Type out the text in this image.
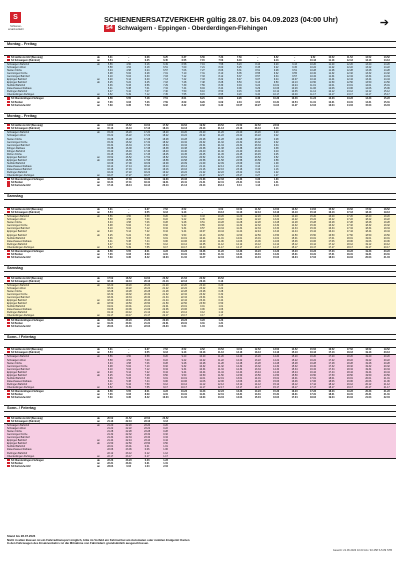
S
Schienen- ersatzverkehr
SCHIENENERSATZVERKEHR gültig 28.07. bis 04.09.2023 (04:00 Uhr)
S4 Schwaigern - Eppingen - Oberderdingen-Flehingen	➔
Montag - Freitag
S4 Heilbronn Hbf (Bussteig)	ab	5.31	–	6.08	6.25	6.37	6.56	7.33	7.59	–	8.52	–	9.52	10.52	11.52	12.52	13.52
S4 Schwaigern (Bahnhof)	an	5.54	–	6.25	6.45	6.55	7.15	7.53	8.18	–	9.13	–	10.13	11.13	12.13	13.13	14.13
Schwaigern Bahnhof	ab	5.56	4.50	6.16	6.49	6.58	7.19	7.58	8.23	8.43	9.20	9.43	10.20	11.20	12.20	13.20	14.20
Schwaigern West	5.58	4.52	6.18	6.51	7.00	7.21	8.00	8.25	8.45	9.22	9.45	10.22	11.22	12.22	13.22	14.22
Stetten Kirche	6.04	4.58	6.24	6.57	7.06	7.27	8.06	8.31	8.51	9.28	9.51	10.28	11.28	12.28	13.28	14.28
Gemmingen Kirche	6.08	5.02	6.28	7.01	7.10	7.31	8.10	8.35	8.55	9.32	9.55	10.32	11.32	12.32	13.32	14.32
Gemmingen Bahnhof	6.10	5.04	6.30	7.03	7.12	7.33	8.12	8.37	8.57	9.34	9.57	10.34	11.34	12.34	13.34	14.34
Eppingen Bahnhof	an	6.20	5.14	6.40	7.13	7.22	7.43	8.22	8.47	9.07	9.44	10.07	10.44	11.44	12.44	13.44	14.44
Eppingen Bahnhof	ab	6.25	5.22	6.45	7.18	7.28	7.48	8.28	8.53	9.13	9.50	10.13	10.50	11.50	12.50	13.50	14.50
Sulzfeld Bahnhof	6.36	5.33	6.56	7.29	7.39	7.59	8.39	9.04	9.24	10.01	10.24	11.01	12.01	13.01	14.01	15.01
Zaisenhausen Rathaus	6.41	5.38	7.01	7.34	7.44	8.04	8.44	9.09	9.29	10.06	10.29	11.06	12.06	13.06	14.06	15.06
Flehingen Bahnhof	6.47	5.44	7.07	7.40	7.50	8.10	8.50	9.15	9.35	10.12	10.35	11.12	12.12	13.12	14.12	15.12
Oberderdingen-Flehingen	an	6.52	5.49	7.12	7.45	7.55	8.15	8.55	9.20	9.40	10.17	10.40	11.17	12.17	13.17	14.17	15.17
S4 Oberderdingen-Flehingen	ab	6.58	5.55	7.18	7.51	8.01	8.21	9.01	9.26	9.46	10.23	10.46	11.23	12.23	13.23	14.23	15.23
S4 Bretten	an	7.06	6.03	7.26	7.59	8.09	8.29	9.09	9.34	9.54	10.31	10.54	11.31	12.31	13.31	14.31	15.31
S4 Karlsruhe Hbf	an	7.39	6.36	7.59	8.32	8.42	9.02	9.42	10.07	10.27	11.04	11.27	12.04	13.04	14.04	15.04	16.04
Montag - Freitag
S4 Heilbronn Hbf (Bussteig)	ab	14.52	15.52	16.52	17.52	18.52	19.52	20.52	21.52	22.52	23.52
S4 Schwaigern (Bahnhof)	an	15.13	16.13	17.13	18.13	19.13	20.13	21.13	22.13	23.13	0.13
Schwaigern Bahnhof	ab	15.20	16.20	17.20	18.20	19.20	20.20	21.20	22.20	23.20	0.20
Schwaigern West	15.22	16.22	17.22	18.22	19.22	20.22	21.22	22.22	23.22	0.22
Stetten Kirche	15.28	16.28	17.28	18.28	19.28	20.28	21.28	22.28	23.28	0.28
Gemmingen Kirche	15.32	16.32	17.32	18.32	19.32	20.32	21.32	22.32	23.32	0.32
Gemmingen Bahnhof	15.34	16.34	17.34	18.34	19.34	20.34	21.34	22.34	23.34	0.34
Ittlingen Rathaus	15.38	16.38	17.38	18.38	19.38	20.38	21.38	22.38	23.38	0.38
Ittlingen Bahnhof	15.40	16.40	17.40	18.40	19.40	20.40	21.40	22.40	23.40	0.40
Richen Kirche	15.45	16.45	17.45	18.45	19.45	20.45	21.45	22.45	23.45	0.45
Eppingen Bahnhof	an	15.52	16.52	17.52	18.52	19.52	20.52	21.52	22.52	23.52	0.52
Eppingen Bahnhof	ab	15.58	16.58	17.58	18.58	19.58	20.58	21.58	22.58	23.58	0.58
Sulzfeld Bahnhof	16.09	17.09	18.09	19.09	20.09	21.09	22.09	23.09	0.09	1.09
Zaisenhausen Rathaus	16.14	17.14	18.14	19.14	20.14	21.14	22.14	23.14	0.14	1.14
Zaisenhausen Bahnhof	16.16	17.16	18.16	19.16	20.16	21.16	22.16	23.16	0.16	1.16
Flehingen Bahnhof	16.22	17.22	18.22	19.22	20.22	21.22	22.22	23.22	0.22	1.22
Oberderdingen-Flehingen	an	16.27	17.27	18.27	19.27	20.27	21.27	22.27	23.27	0.27	1.27
S4 Oberderdingen-Flehingen	ab	16.33	17.33	18.33	19.33	20.33	21.33	22.33	23.33	0.33	1.33
S4 Bretten	an	16.41	17.41	18.41	19.41	20.41	21.41	22.41	23.41	0.41	1.41
S4 Karlsruhe Hbf	an	17.14	18.14	19.14	20.14	21.14	22.14	23.14	0.14	1.14	2.14
Samstag
S4 Heilbronn Hbf (Bussteig)	ab	5.31	–	6.37	7.52	8.52	–	9.52	10.52	11.52	12.52	13.52	14.52	15.52	16.52	17.52	18.52
S4 Schwaigern (Bahnhof)	an	5.54	–	6.55	8.13	9.13	–	10.13	11.13	12.13	13.13	14.13	15.13	16.13	17.13	18.13	19.13
Schwaigern Bahnhof	ab	5.56	4.50	6.58	8.20	9.20	9.43	10.20	11.20	12.20	13.20	14.20	15.20	16.20	17.20	18.20	19.20
Schwaigern West	5.58	4.52	7.00	8.22	9.22	9.45	10.22	11.22	12.22	13.22	14.22	15.22	16.22	17.22	18.22	19.22
Stetten Kirche	6.04	4.58	7.06	8.28	9.28	9.51	10.28	11.28	12.28	13.28	14.28	15.28	16.28	17.28	18.28	19.28
Gemmingen Kirche	6.08	5.02	7.10	8.32	9.32	9.55	10.32	11.32	12.32	13.32	14.32	15.32	16.32	17.32	18.32	19.32
Gemmingen Bahnhof	6.10	5.04	7.12	8.34	9.34	9.57	10.34	11.34	12.34	13.34	14.34	15.34	16.34	17.34	18.34	19.34
Eppingen Bahnhof	an	6.20	5.14	7.22	8.44	9.44	10.07	10.44	11.44	12.44	13.44	14.44	15.44	16.44	17.44	18.44	19.44
Eppingen Bahnhof	ab	6.25	5.22	7.28	8.50	9.50	10.13	10.50	11.50	12.50	13.50	14.50	15.50	16.50	17.50	18.50	19.50
Sulzfeld Bahnhof	6.36	5.33	7.39	9.01	10.01	10.24	11.01	12.01	13.01	14.01	15.01	16.01	17.01	18.01	19.01	20.01
Zaisenhausen Rathaus	6.41	5.38	7.44	9.06	10.06	10.29	11.06	12.06	13.06	14.06	15.06	16.06	17.06	18.06	19.06	20.06
Flehingen Bahnhof	6.47	5.44	7.50	9.12	10.12	10.35	11.12	12.12	13.12	14.12	15.12	16.12	17.12	18.12	19.12	20.12
Oberderdingen-Flehingen	an	6.52	5.49	7.55	9.17	10.17	10.40	11.17	12.17	13.17	14.17	15.17	16.17	17.17	18.17	19.17	20.17
S4 Oberderdingen-Flehingen	ab	6.58	5.55	8.01	9.23	10.23	10.46	11.23	12.23	13.23	14.23	15.23	16.23	17.23	18.23	19.23	20.23
S4 Bretten	an	7.06	6.03	8.09	9.31	10.31	10.54	11.31	12.31	13.31	14.31	15.31	16.31	17.31	18.31	19.31	20.31
S4 Karlsruhe Hbf	an	7.39	6.36	8.42	10.04	11.04	11.27	12.04	13.04	14.04	15.04	16.04	17.04	18.04	19.04	20.04	21.04
Samstag
S4 Heilbronn Hbf (Bussteig)	ab	17.52	18.52	19.52	20.52	21.52	22.52	23.52
S4 Schwaigern (Bahnhof)	an	18.13	19.13	20.13	21.13	22.13	23.13	0.13
Schwaigern Bahnhof	ab	18.20	19.20	20.20	21.20	22.20	23.20	0.20
Schwaigern West	18.22	19.22	20.22	21.22	22.22	23.22	0.22
Stetten Kirche	18.28	19.28	20.28	21.28	22.28	23.28	0.28
Gemmingen Kirche	18.32	19.32	20.32	21.32	22.32	23.32	0.32
Gemmingen Bahnhof	18.34	19.34	20.34	21.34	22.34	23.34	0.34
Eppingen Bahnhof	an	18.44	19.44	20.44	21.44	22.44	23.44	0.44
Eppingen Bahnhof	ab	18.50	19.50	20.50	21.50	22.50	23.50	0.50
Sulzfeld Bahnhof	19.01	20.01	21.01	22.01	23.01	0.01	1.01
Zaisenhausen Rathaus	19.06	20.06	21.06	22.06	23.06	0.06	1.06
Flehingen Bahnhof	19.12	20.12	21.12	22.12	23.12	0.12	1.12
Oberderdingen-Flehingen	an	19.17	20.17	21.17	22.17	23.17	0.17	1.17
S4 Oberderdingen-Flehingen	ab	19.23	20.23	21.23	22.23	23.23	0.23	1.23
S4 Bretten	an	19.31	20.31	21.31	22.31	23.31	0.31	1.31
S4 Karlsruhe Hbf	an	20.04	21.04	22.04	23.04	0.04	1.04	2.04
Sonn- / Feiertag
S4 Heilbronn Hbf (Bussteig)	ab	5.31	–	6.37	7.52	8.52	9.52	10.52	11.52	12.52	13.52	14.52	15.52	16.52	17.52	18.52	19.52
S4 Schwaigern (Bahnhof)	an	5.54	–	6.55	8.13	9.13	10.13	11.13	12.13	13.13	14.13	15.13	16.13	17.13	18.13	19.13	20.13
Schwaigern Bahnhof	ab	5.56	4.50	6.58	8.20	9.20	10.20	11.20	12.20	13.20	14.20	15.20	16.20	17.20	18.20	19.20	20.20
Schwaigern West	5.58	4.52	7.00	8.22	9.22	10.22	11.22	12.22	13.22	14.22	15.22	16.22	17.22	18.22	19.22	20.22
Stetten Kirche	6.04	4.58	7.06	8.28	9.28	10.28	11.28	12.28	13.28	14.28	15.28	16.28	17.28	18.28	19.28	20.28
Gemmingen Kirche	6.08	5.02	7.10	8.32	9.32	10.32	11.32	12.32	13.32	14.32	15.32	16.32	17.32	18.32	19.32	20.32
Gemmingen Bahnhof	6.10	5.04	7.12	8.34	9.34	10.34	11.34	12.34	13.34	14.34	15.34	16.34	17.34	18.34	19.34	20.34
Eppingen Bahnhof	an	6.20	5.14	7.22	8.44	9.44	10.44	11.44	12.44	13.44	14.44	15.44	16.44	17.44	18.44	19.44	20.44
Eppingen Bahnhof	ab	6.25	5.22	7.28	8.50	9.50	10.50	11.50	12.50	13.50	14.50	15.50	16.50	17.50	18.50	19.50	20.50
Sulzfeld Bahnhof	6.36	5.33	7.39	9.01	10.01	11.01	12.01	13.01	14.01	15.01	16.01	17.01	18.01	19.01	20.01	21.01
Zaisenhausen Rathaus	6.41	5.38	7.44	9.06	10.06	11.06	12.06	13.06	14.06	15.06	16.06	17.06	18.06	19.06	20.06	21.06
Flehingen Bahnhof	6.47	5.44	7.50	9.12	10.12	11.12	12.12	13.12	14.12	15.12	16.12	17.12	18.12	19.12	20.12	21.12
Oberderdingen-Flehingen	an	6.52	5.49	7.55	9.17	10.17	11.17	12.17	13.17	14.17	15.17	16.17	17.17	18.17	19.17	20.17	21.17
S4 Oberderdingen-Flehingen	ab	6.58	5.55	8.01	9.23	10.23	11.23	12.23	13.23	14.23	15.23	16.23	17.23	18.23	19.23	20.23	21.23
S4 Bretten	an	7.06	6.03	8.09	9.31	10.31	11.31	12.31	13.31	14.31	15.31	16.31	17.31	18.31	19.31	20.31	21.31
S4 Karlsruhe Hbf	an	7.39	6.36	8.42	10.04	11.04	12.04	13.04	14.04	15.04	16.04	17.04	18.04	19.04	20.04	21.04	22.04
Sonn- / Feiertag
S4 Heilbronn Hbf (Bussteig)	ab	20.52	21.52	22.52	23.52
S4 Schwaigern (Bahnhof)	an	21.13	22.13	23.13	0.13
Schwaigern Bahnhof	ab	21.20	22.20	23.20	0.20
Schwaigern West	21.22	22.22	23.22	0.22
Stetten Kirche	21.28	22.28	23.28	0.28
Gemmingen Kirche	21.32	22.32	23.32	0.32
Gemmingen Bahnhof	21.34	22.34	23.34	0.34
Eppingen Bahnhof	an	21.44	22.44	23.44	0.44
Eppingen Bahnhof	ab	21.50	22.50	23.50	0.50
Sulzfeld Bahnhof	22.01	23.01	0.01	1.01
Zaisenhausen Rathaus	22.06	23.06	0.06	1.06
Flehingen Bahnhof	22.12	23.12	0.12	1.12
Oberderdingen-Flehingen	an	22.17	23.17	0.17	1.17
S4 Oberderdingen-Flehingen	ab	22.23	23.23	0.23	1.23
S4 Bretten	an	22.31	23.31	0.31	1.31
S4 Karlsruhe Hbf	an	23.04	0.04	1.04	2.04
Stand bis 28.07.2023
Nicht in allen Bussen ist ein Fahrradtransport möglich, bitte im Vorfeld ein Fahrrad bei am Automaten oder mobilen Endgerät: Karten
In den Fahrzeugen des Ersatzverkehrs ist die Mitnahme von Fahrrädern grundsätzlich ausgeschlossen.
Gesetzt: 21.06.2023 10:23 AG / 40.458 S-5.89 STB
